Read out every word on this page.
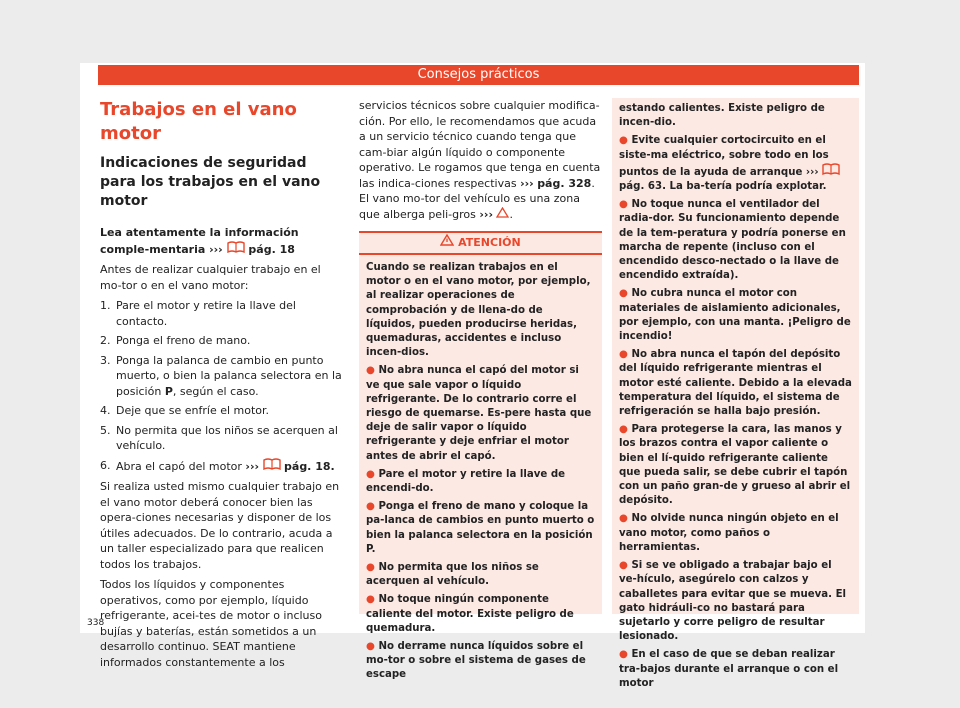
Consejos prácticos
Trabajos en el vano motor
Indicaciones de seguridad para los trabajos en el vano motor

Lea atentamente la información comple-mentaria ››› pág. 18

Antes de realizar cualquier trabajo en el mo-tor o en el vano motor:

1. Pare el motor y retire la llave del contacto.
2. Ponga el freno de mano.
3. Ponga la palanca de cambio en punto muerto, o bien la palanca selectora en la posición P, según el caso.
4. Deje que se enfríe el motor.
5. No permita que los niños se acerquen al vehículo.
6. Abra el capó del motor ››› pág. 18.

Si realiza usted mismo cualquier trabajo en el vano motor deberá conocer bien las opera-ciones necesarias y disponer de los útiles adecuados. De lo contrario, acuda a un taller especializado para que realicen todos los trabajos.

Todos los líquidos y componentes operativos, como por ejemplo, líquido refrigerante, acei-tes de motor o incluso bujías y baterías, están sometidos a un desarrollo continuo. SEAT mantiene informados constantemente a los

servicios técnicos sobre cualquier modifica-ción. Por ello, le recomendamos que acuda a un servicio técnico cuando tenga que cam-biar algún líquido o componente operativo. Le rogamos que tenga en cuenta las indica-ciones respectivas ››› pág. 328. El vano mo-tor del vehículo es una zona que alberga peli-gros ››› .

ATENCIÓN

Cuando se realizan trabajos en el motor o en el vano motor, por ejemplo, al realizar operaciones de comprobación y de llena-do de líquidos, pueden producirse heridas, quemaduras, accidentes e incluso incen-dios.

● No abra nunca el capó del motor si ve que sale vapor o líquido refrigerante. De lo contrario corre el riesgo de quemarse. Es-pere hasta que deje de salir vapor o líquido refrigerante y deje enfriar el motor antes de abrir el capó.

● Pare el motor y retire la llave de encendi-do.

● Ponga el freno de mano y coloque la pa-lanca de cambios en punto muerto o bien la palanca selectora en la posición P.

● No permita que los niños se acerquen al vehículo.

● No toque ningún componente caliente del motor. Existe peligro de quemadura.

● No derrame nunca líquidos sobre el mo-tor o sobre el sistema de gases de escape

estando calientes. Existe peligro de incen-dio.

● Evite cualquier cortocircuito en el siste-ma eléctrico, sobre todo en los puntos de la ayuda de arranque ›››  pág. 63. La ba-tería podría explotar.

● No toque nunca el ventilador del radia-dor. Su funcionamiento depende de la tem-peratura y podría ponerse en marcha de repente (incluso con el encendido desco-nectado o la llave de encendido extraída).

● No cubra nunca el motor con materiales de aislamiento adicionales, por ejemplo, con una manta. ¡Peligro de incendio!

● No abra nunca el tapón del depósito del líquido refrigerante mientras el motor esté caliente. Debido a la elevada temperatura del líquido, el sistema de refrigeración se halla bajo presión.

● Para protegerse la cara, las manos y los brazos contra el vapor caliente o bien el lí-quido refrigerante caliente que pueda salir, se debe cubrir el tapón con un paño gran-de y grueso al abrir el depósito.

● No olvide nunca ningún objeto en el vano motor, como paños o herramientas.

● Si se ve obligado a trabajar bajo el ve-hículo, asegúrelo con calzos y caballetes para evitar que se mueva. El gato hidráuli-co no bastará para sujetarlo y corre peligro de resultar lesionado.

● En el caso de que se deban realizar tra-bajos durante el arranque o con el motor

338
